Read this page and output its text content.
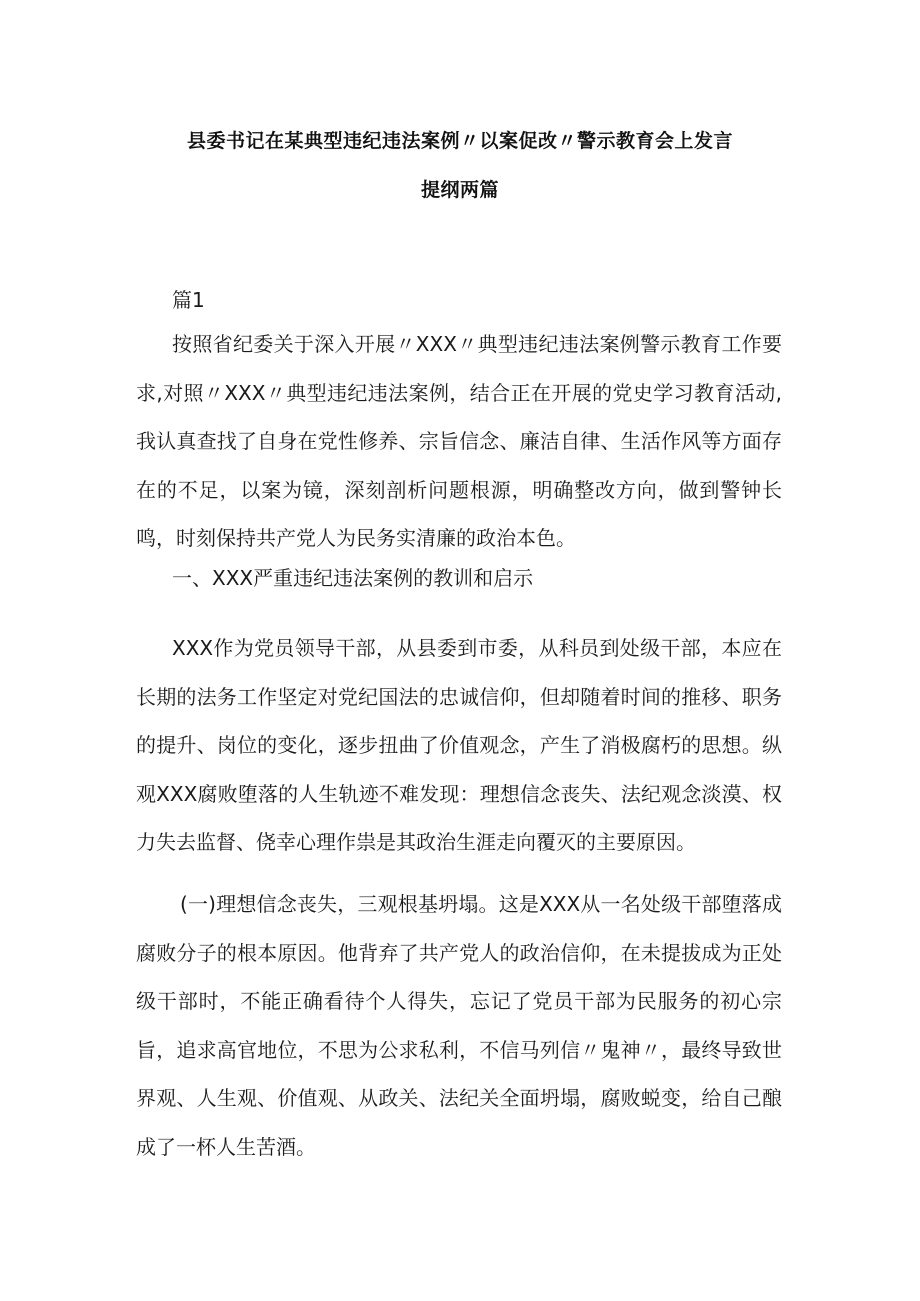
县委书记在某典型违纪违法案例〃以案促改〃警示教育会上发言
提纲两篇
篇1

按照省纪委关于深入开展〃XXX〃典型违纪违法案例警示教育工作要求,对照〃XXX〃典型违纪违法案例，结合正在开展的党史学习教育活动,我认真查找了自身在党性修养、宗旨信念、廉洁自律、生活作风等方面存在的不足，以案为镜，深刻剖析问题根源，明确整改方向，做到警钟长鸣，时刻保持共产党人为民务实清廉的政治本色。

一、XXX严重违纪违法案例的教训和启示

XXX作为党员领导干部，从县委到市委，从科员到处级干部，本应在长期的法务工作坚定对党纪国法的忠诚信仰，但却随着时间的推移、职务的提升、岗位的变化，逐步扭曲了价值观念，产生了消极腐朽的思想。纵观XXX腐败堕落的人生轨迹不难发现：理想信念丧失、法纪观念淡漠、权力失去监督、侥幸心理作祟是其政治生涯走向覆灭的主要原因。

(一)理想信念丧失，三观根基坍塌。这是XXX从一名处级干部堕落成腐败分子的根本原因。他背弃了共产党人的政治信仰，在未提拔成为正处级干部时，不能正确看待个人得失，忘记了党员干部为民服务的初心宗旨，追求高官地位，不思为公求私利，不信马列信〃鬼神〃，最终导致世界观、人生观、价值观、从政关、法纪关全面坍塌，腐败蜕变，给自己酿成了一杯人生苦酒。
